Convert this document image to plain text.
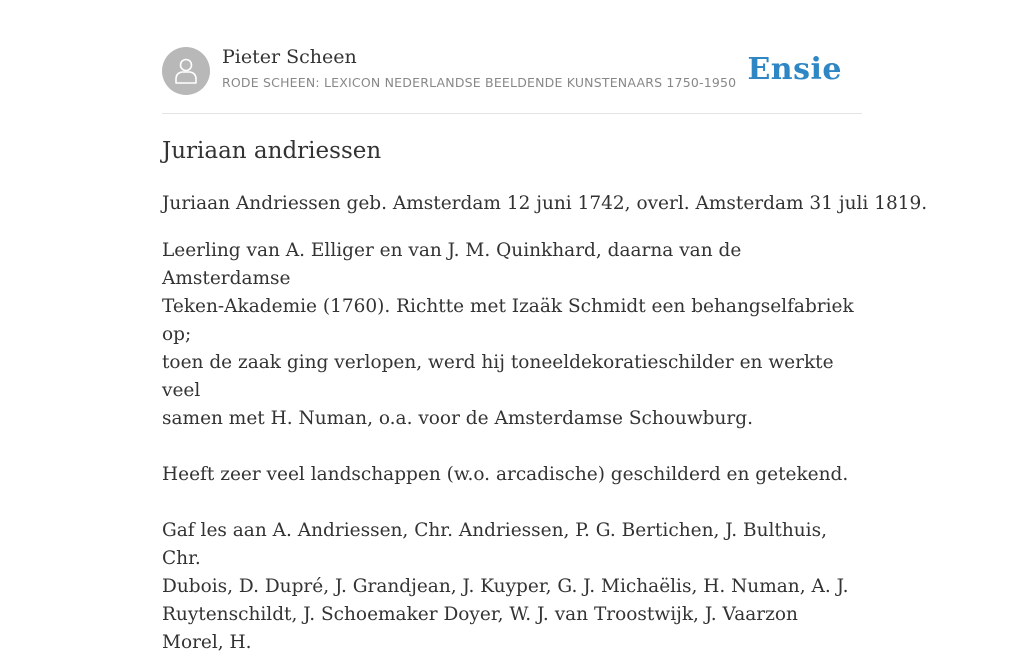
Pieter Scheen
RODE SCHEEN: LEXICON NEDERLANDSE BEELDENDE KUNSTENAARS 1750-1950 Ensie
Juriaan andriessen

Juriaan Andriessen geb. Amsterdam 12 juni 1742, overl. Amsterdam 31 juli 1819.

Leerling van A. Elliger en van J. M. Quinkhard, daarna van de Amsterdamse
Teken-Akademie (1760). Richtte met Izaäk Schmidt een behangselfabriek op;
toen de zaak ging verlopen, werd hij toneeldekoratieschilder en werkte veel
samen met H. Numan, o.a. voor de Amsterdamse Schouwburg.

Heeft zeer veel landschappen (w.o. arcadische) geschilderd en getekend.

Gaf les aan A. Andriessen, Chr. Andriessen, P. G. Bertichen, J. Bulthuis, Chr.
Dubois, D. Dupré, J. Grandjean, J. Kuyper, G. J. Michaëlis, H. Numan, A. J.
Ruytenschildt, J. Schoemaker Doyer, W. J. van Troostwijk, J. Vaarzon Morel, H.
